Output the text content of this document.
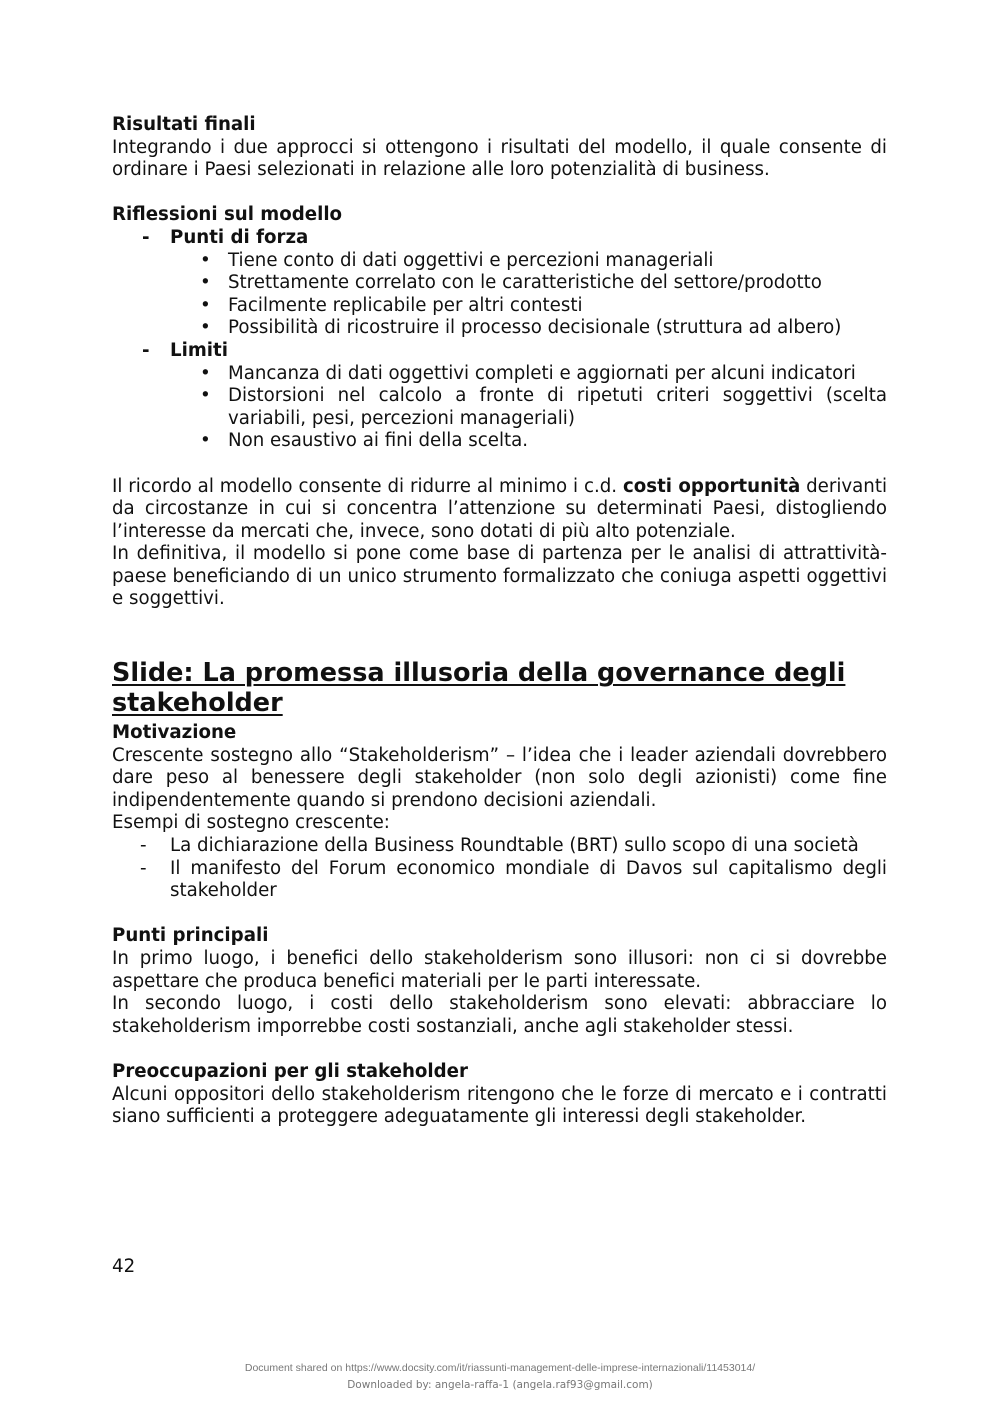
Risultati finali

Integrando i due approcci si ottengono i risultati del modello, il quale consente di ordinare i Paesi selezionati in relazione alle loro potenzialità di business.

Riflessioni sul modello

- Punti di forza
• Tiene conto di dati oggettivi e percezioni manageriali
• Strettamente correlato con le caratteristiche del settore/prodotto
• Facilmente replicabile per altri contesti
• Possibilità di ricostruire il processo decisionale (struttura ad albero)
- Limiti
• Mancanza di dati oggettivi completi e aggiornati per alcuni indicatori
• Distorsioni nel calcolo a fronte di ripetuti criteri soggettivi (scelta variabili, pesi, percezioni manageriali)
• Non esaustivo ai fini della scelta.

Il ricordo al modello consente di ridurre al minimo i c.d. costi opportunità derivanti da circostanze in cui si concentra l’attenzione su determinati Paesi, distogliendo l’interesse da mercati che, invece, sono dotati di più alto potenziale.

In definitiva, il modello si pone come base di partenza per le analisi di attrattività-paese beneficiando di un unico strumento formalizzato che coniuga aspetti oggettivi e soggettivi.

Slide: La promessa illusoria della governance degli stakeholder

Motivazione

Crescente sostegno allo “Stakeholderism” – l’idea che i leader aziendali dovrebbero dare peso al benessere degli stakeholder (non solo degli azionisti) come fine indipendentemente quando si prendono decisioni aziendali.

Esempi di sostegno crescente:

- La dichiarazione della Business Roundtable (BRT) sullo scopo di una società
- Il manifesto del Forum economico mondiale di Davos sul capitalismo degli stakeholder

Punti principali

In primo luogo, i benefici dello stakeholderism sono illusori: non ci si dovrebbe aspettare che produca benefici materiali per le parti interessate.

In secondo luogo, i costi dello stakeholderism sono elevati: abbracciare lo stakeholderism imporrebbe costi sostanziali, anche agli stakeholder stessi.

Preoccupazioni per gli stakeholder

Alcuni oppositori dello stakeholderism ritengono che le forze di mercato e i contratti siano sufficienti a proteggere adeguatamente gli interessi degli stakeholder.

42
Document shared on https://www.docsity.com/it/riassunti-management-delle-imprese-internazionali/11453014/
Downloaded by: angela-raffa-1 (angela.raf93@gmail.com)
